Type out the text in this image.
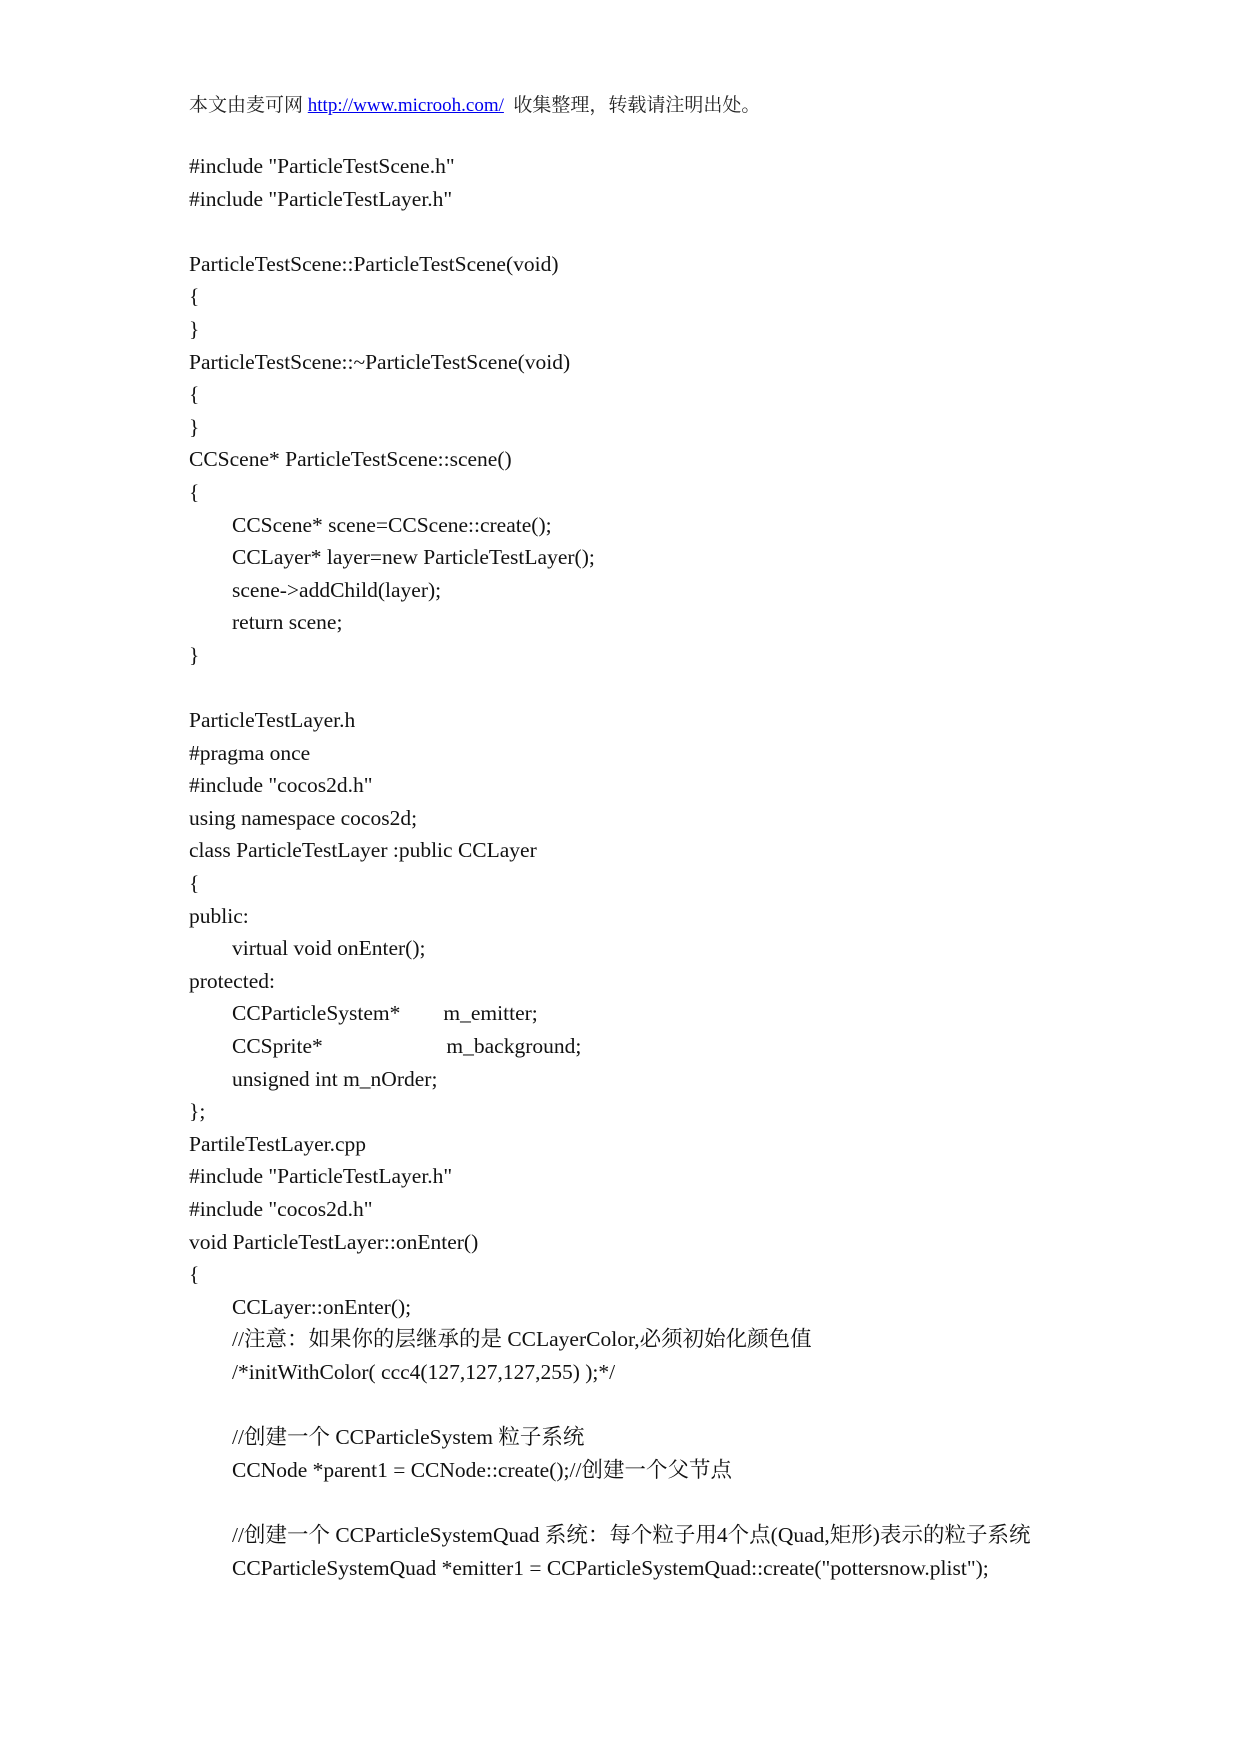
本文由麦可网 http://www.microoh.com/  收集整理，转载请注明出处。
#include "ParticleTestScene.h"
#include "ParticleTestLayer.h"
ParticleTestScene::ParticleTestScene(void)
{
}
ParticleTestScene::~ParticleTestScene(void)
{
}
CCScene* ParticleTestScene::scene()
{
CCScene* scene=CCScene::create();
CCLayer* layer=new ParticleTestLayer();
scene->addChild(layer);
return scene;
}
ParticleTestLayer.h
#pragma once
#include "cocos2d.h"
using namespace cocos2d;
class ParticleTestLayer :public CCLayer
{
public:
virtual void onEnter();
protected:
CCParticleSystem*        m_emitter;
CCSprite*                       m_background;
unsigned int m_nOrder;
};
PartileTestLayer.cpp
#include "ParticleTestLayer.h"
#include "cocos2d.h"
void ParticleTestLayer::onEnter()
{
CCLayer::onEnter();
//注意：如果你的层继承的是 CCLayerColor,必须初始化颜色值
/*initWithColor( ccc4(127,127,127,255) );*/
//创建一个 CCParticleSystem 粒子系统
CCNode *parent1 = CCNode::create();//创建一个父节点
//创建一个 CCParticleSystemQuad 系统：每个粒子用4个点(Quad,矩形)表示的粒子系统
CCParticleSystemQuad *emitter1 = CCParticleSystemQuad::create("pottersnow.plist");
